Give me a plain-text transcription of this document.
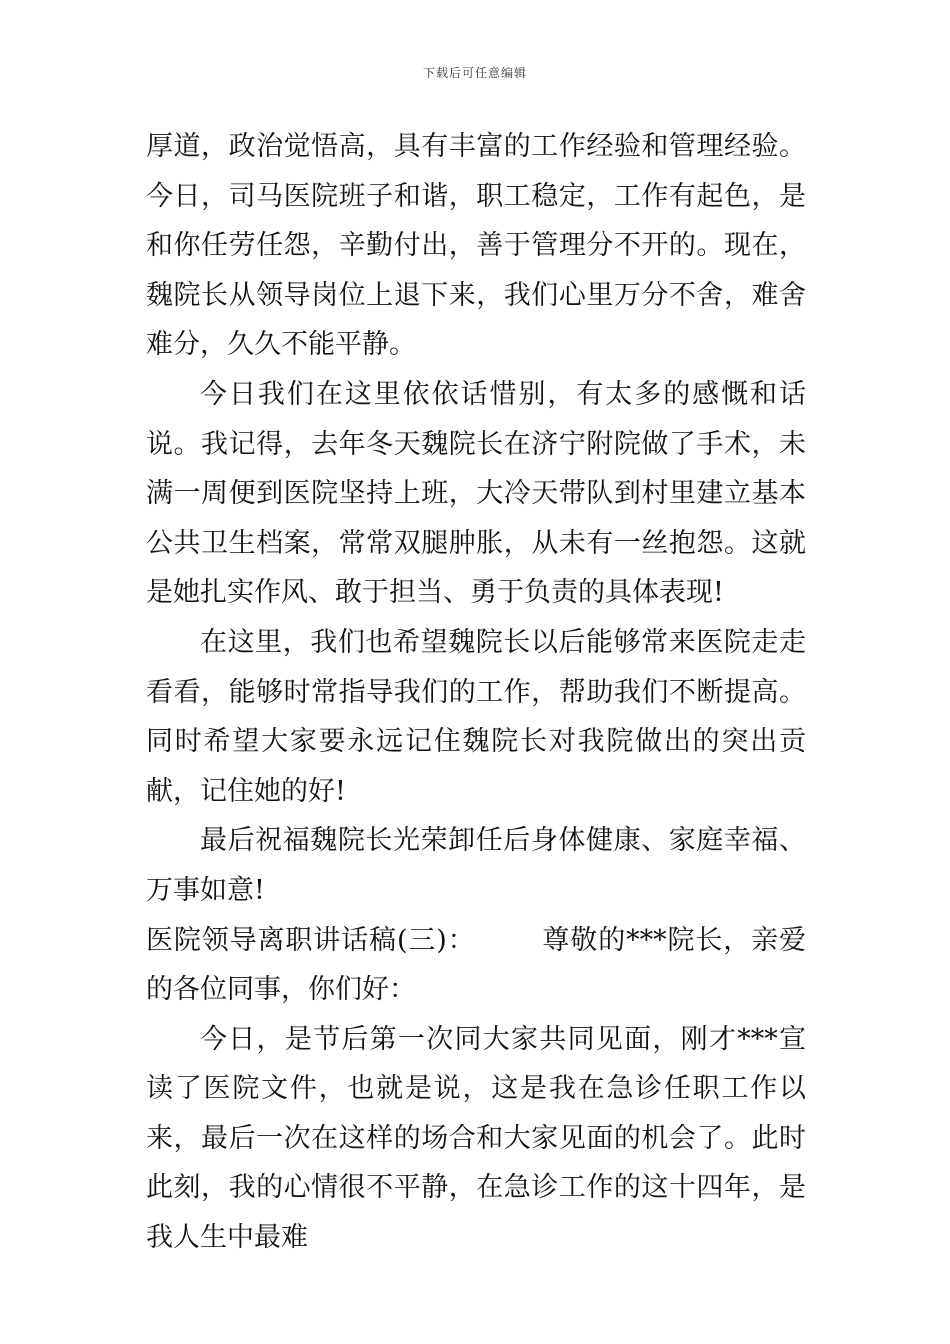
下载后可任意编辑

厚道，政治觉悟高，具有丰富的工作经验和管理经验。今日，司马医院班子和谐，职工稳定，工作有起色，是和你任劳任怨，辛勤付出，善于管理分不开的。现在，魏院长从领导岗位上退下来，我们心里万分不舍，难舍难分，久久不能平静。

今日我们在这里依依话惜别，有太多的感慨和话说。我记得，去年冬天魏院长在济宁附院做了手术，未满一周便到医院坚持上班，大冷天带队到村里建立基本公共卫生档案，常常双腿肿胀，从未有一丝抱怨。这就是她扎实作风、敢于担当、勇于负责的具体表现!

在这里，我们也希望魏院长以后能够常来医院走走看看，能够时常指导我们的工作，帮助我们不断提高。同时希望大家要永远记住魏院长对我院做出的突出贡献，记住她的好!

最后祝福魏院长光荣卸任后身体健康、家庭幸福、万事如意!

医院领导离职讲话稿(三)： 尊敬的***院长，亲爱的各位同事，你们好：

今日，是节后第一次同大家共同见面，刚才***宣读了医院文件，也就是说，这是我在急诊任职工作以来，最后一次在这样的场合和大家见面的机会了。此时此刻，我的心情很不平静，在急诊工作的这十四年，是我人生中最难
